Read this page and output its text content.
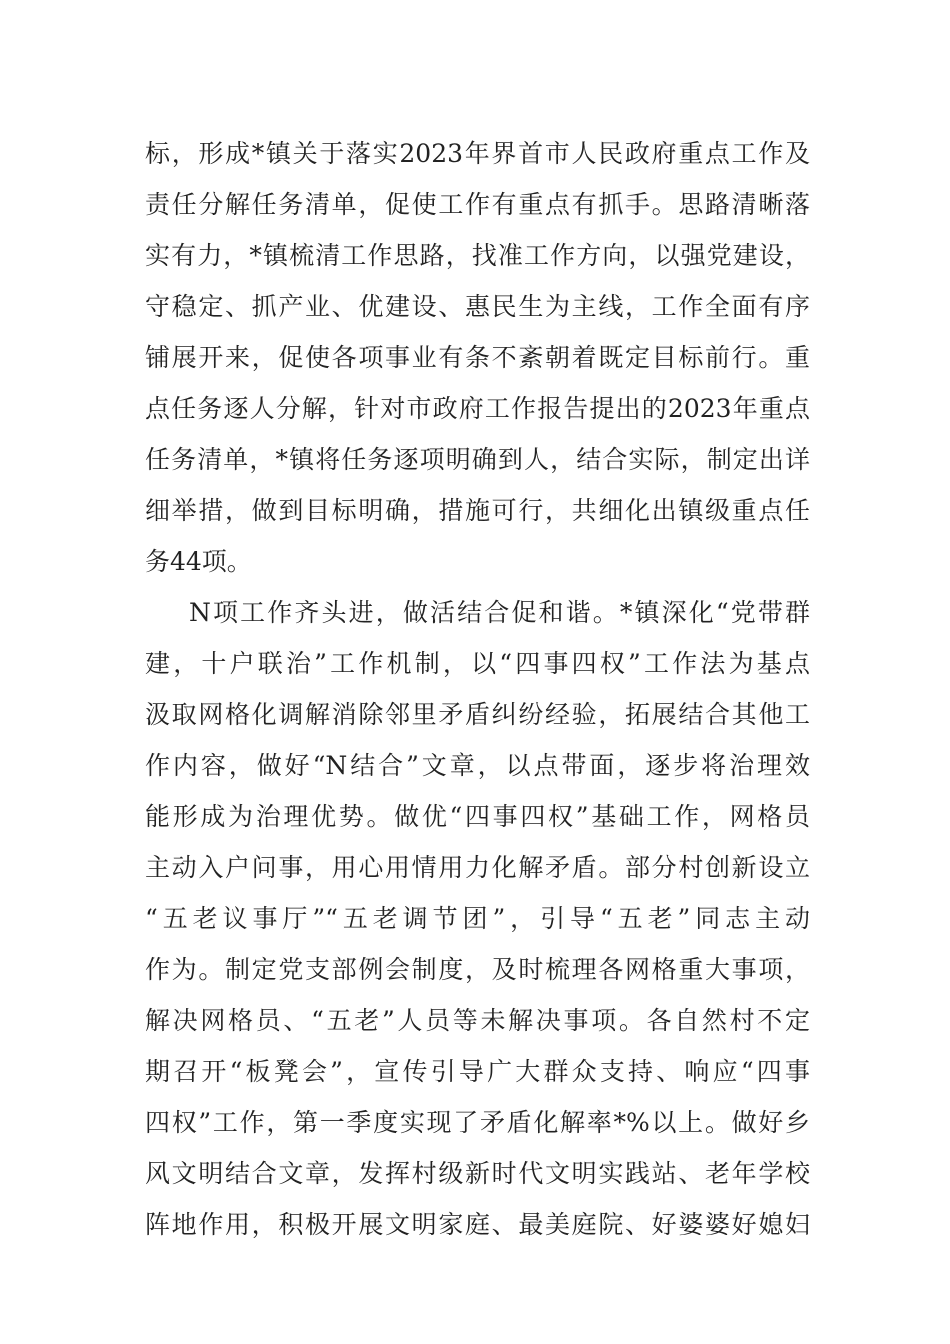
标，形成*镇关于落实2023年界首市人民政府重点工作及
责任分解任务清单，促使工作有重点有抓手。思路清晰落
实有力，*镇梳清工作思路，找准工作方向，以强党建设，
守稳定、抓产业、优建设、惠民生为主线，工作全面有序
铺展开来，促使各项事业有条不紊朝着既定目标前行。重
点任务逐人分解，针对市政府工作报告提出的2023年重点
任务清单，*镇将任务逐项明确到人，结合实际，制定出详
细举措，做到目标明确，措施可行，共细化出镇级重点任
务44项。
N项工作齐头进，做活结合促和谐。*镇深化“党带群
建，十户联治”工作机制，以“四事四权”工作法为基点
汲取网格化调解消除邻里矛盾纠纷经验，拓展结合其他工
作内容，做好“N结合”文章，以点带面，逐步将治理效
能形成为治理优势。做优“四事四权”基础工作，网格员
主动入户问事，用心用情用力化解矛盾。部分村创新设立
“五老议事厅”“五老调节团”，引导“五老”同志主动
作为。制定党支部例会制度，及时梳理各网格重大事项，
解决网格员、“五老”人员等未解决事项。各自然村不定
期召开“板凳会”，宣传引导广大群众支持、响应“四事
四权”工作，第一季度实现了矛盾化解率*%以上。做好乡
风文明结合文章，发挥村级新时代文明实践站、老年学校
阵地作用，积极开展文明家庭、最美庭院、好婆婆好媳妇
